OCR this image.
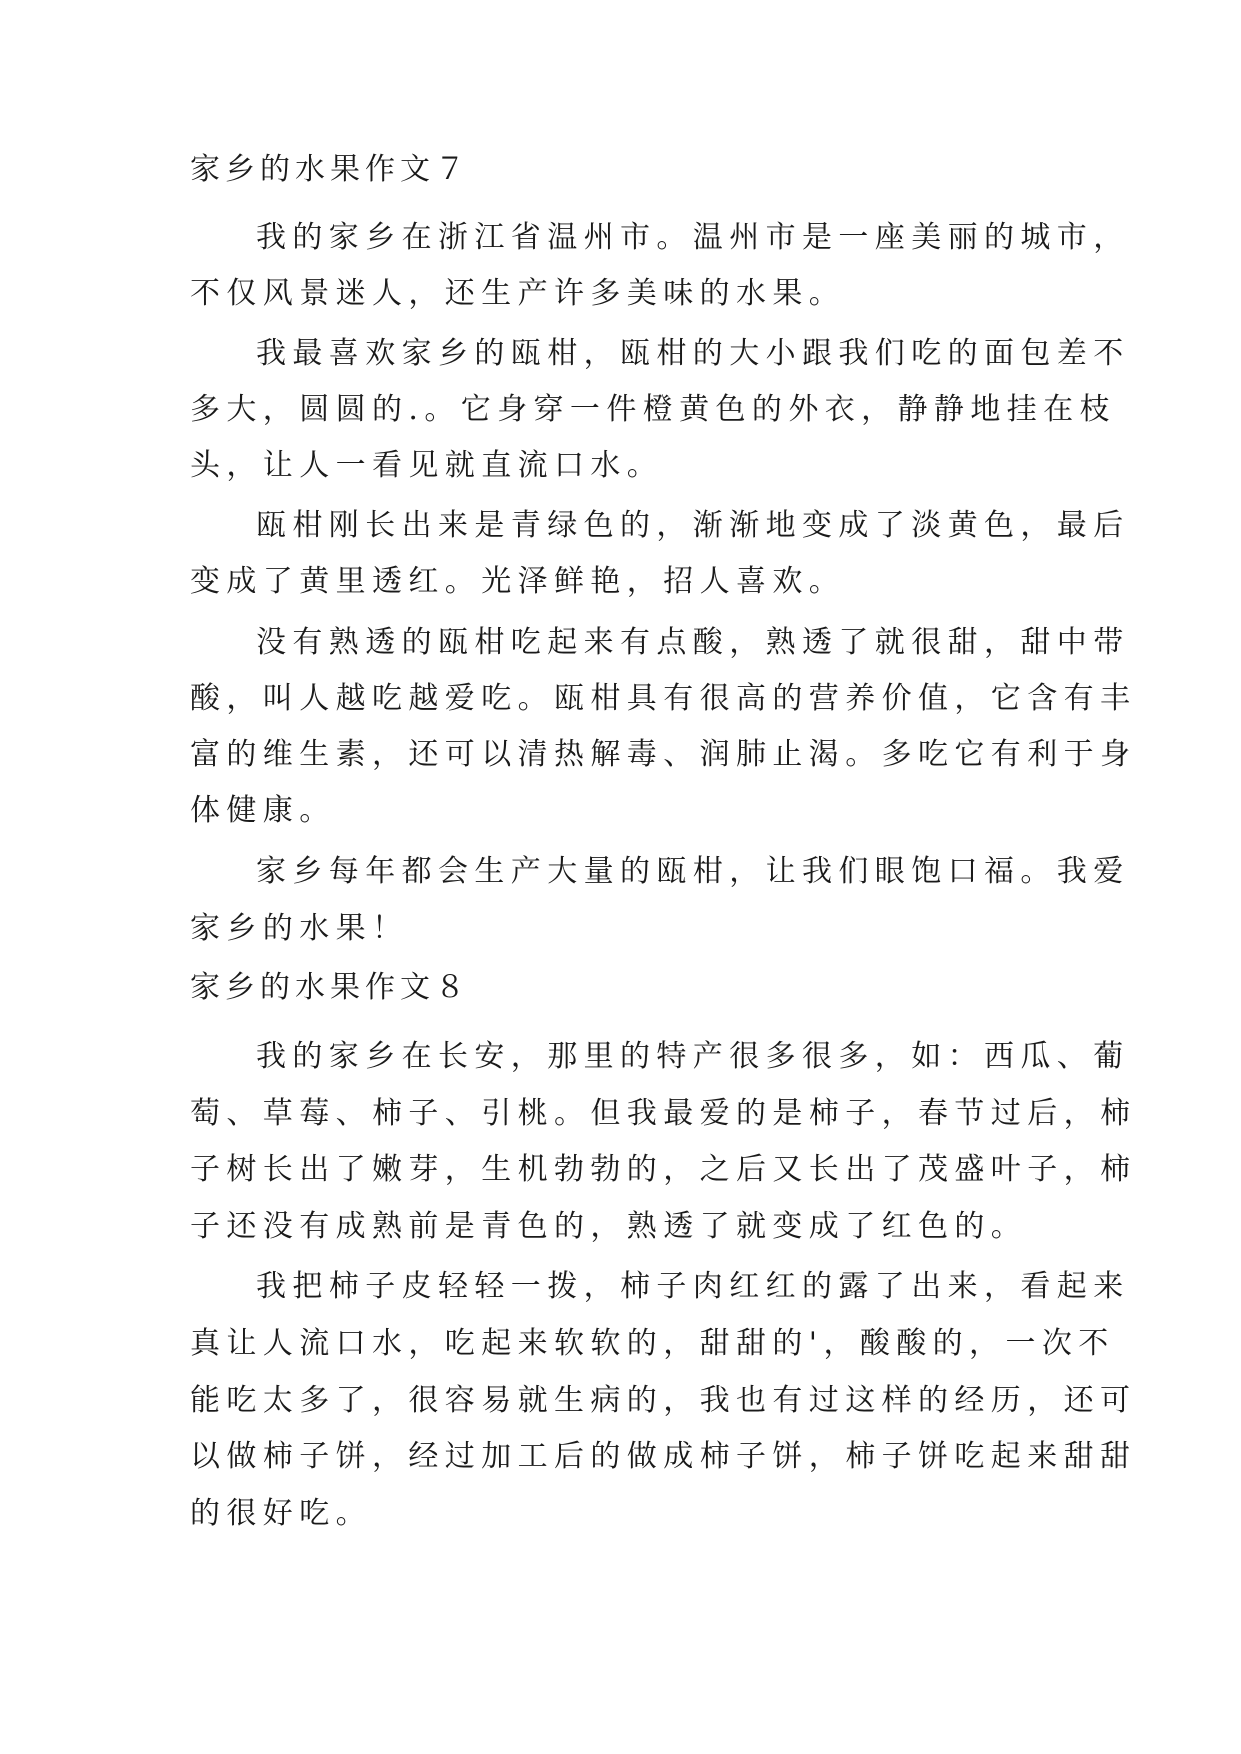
家乡的水果作文７
我的家乡在浙江省温州市。温州市是一座美丽的城市，
不仅风景迷人，还生产许多美味的水果。
我最喜欢家乡的瓯柑，瓯柑的大小跟我们吃的面包差不
多大，圆圆的.。它身穿一件橙黄色的外衣，静静地挂在枝
头，让人一看见就直流口水。
瓯柑刚长出来是青绿色的，渐渐地变成了淡黄色，最后
变成了黄里透红。光泽鲜艳，招人喜欢。
没有熟透的瓯柑吃起来有点酸，熟透了就很甜，甜中带
酸，叫人越吃越爱吃。瓯柑具有很高的营养价值，它含有丰
富的维生素，还可以清热解毒、润肺止渴。多吃它有利于身
体健康。
家乡每年都会生产大量的瓯柑，让我们眼饱口福。我爱
家乡的水果！
家乡的水果作文８
我的家乡在长安，那里的特产很多很多，如：西瓜、葡
萄、草莓、柿子、引桃。但我最爱的是柿子，春节过后，柿
子树长出了嫩芽，生机勃勃的，之后又长出了茂盛叶子，柿
子还没有成熟前是青色的，熟透了就变成了红色的。
我把柿子皮轻轻一拨，柿子肉红红的露了出来，看起来
真让人流口水，吃起来软软的，甜甜的'，酸酸的，一次不
能吃太多了，很容易就生病的，我也有过这样的经历，还可
以做柿子饼，经过加工后的做成柿子饼，柿子饼吃起来甜甜
的很好吃。
